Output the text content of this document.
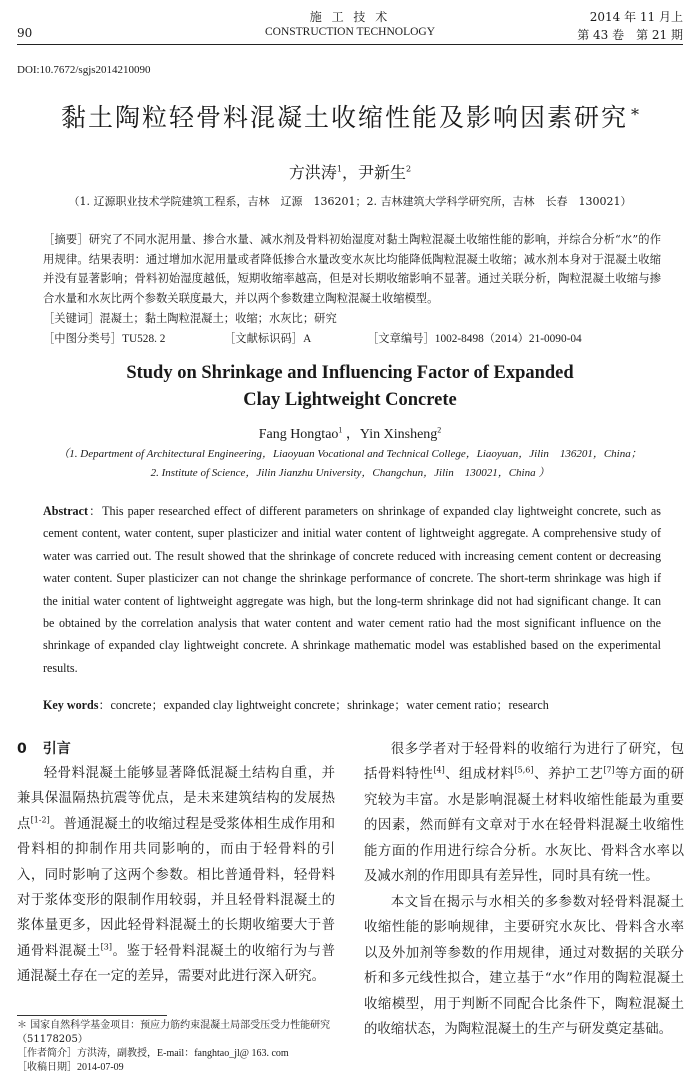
90
施 工 技 术
CONSTRUCTION TECHNOLOGY
2014 年 11 月上
第 43 卷　第 21 期
DOI:10.7672/sgjs2014210090
黏土陶粒轻骨料混凝土收缩性能及影响因素研究 *
方洪涛$^1$，尹新生$^2$
（1. 辽源职业技术学院建筑工程系，吉林　辽源　136201；2. 吉林建筑大学科学研究所，吉林　长春　130021）
［摘要］研究了不同水泥用量、掺合水量、减水剂及骨料初始湿度对黏土陶粒混凝土收缩性能的影响，并综合分析“水”的作用规律。结果表明：通过增加水泥用量或者降低掺合水量改变水灰比均能降低陶粒混凝土收缩；减水剂本身对于混凝土收缩并没有显著影响；骨料初始湿度越低，短期收缩率越高，但是对长期收缩影响不显著。通过关联分析，陶粒混凝土收缩与掺合水量和水灰比两个参数关联度最大，并以两个参数建立陶粒混凝土收缩模型。
［关键词］混凝土；黏土陶粒混凝土；收缩；水灰比；研究
［中图分类号］TU528. 2	［文献标识码］A	［文章编号］1002-8498（2014）21-0090-04
Study on Shrinkage and Influencing Factor of Expanded
Clay Lightweight Concrete
Fang Hongtao$^1$ ，Yin Xinsheng$^2$
（1. Department of Architectural Engineering，Liaoyuan Vocational and Technical College，Liaoyuan，Jilin　136201，China；
2. Institute of Science，Jilin Jianzhu University，Changchun，Jilin　130021，China ）
Abstract：This paper researched effect of different parameters on shrinkage of expanded clay lightweight concrete, such as cement content, water content, super plasticizer and initial water content of lightweight aggregate. A comprehensive study of water was carried out. The result showed that the shrinkage of concrete reduced with increasing cement content or decreasing water content. Super plasticizer can not change the shrinkage performance of concrete. The short-term shrinkage was high if the initial water content of lightweight aggregate was high, but the long-term shrinkage did not had significant change. It can be obtained by the correlation analysis that water content and water cement ratio had the most significant influence on the shrinkage of expanded clay lightweight concrete. A shrinkage mathematic model was established based on the experimental results.
Key words：concrete；expanded clay lightweight concrete；shrinkage；water cement ratio；research
0 引言
轻骨料混凝土能够显著降低混凝土结构自重，并兼具保温隔热抗震等优点，是未来建筑结构的发展热点[1-2]。普通混凝土的收缩过程是受浆体相生成作用和骨料相的抑制作用共同影响的，而由于轻骨料的引入，同时影响了这两个参数。相比普通骨料，轻骨料对于浆体变形的限制作用较弱，并且轻骨料混凝土的浆体量更多，因此轻骨料混凝土的长期收缩要大于普通骨料混凝土[3]。鉴于轻骨料混凝土的收缩行为与普通混凝土存在一定的差异，需要对此进行深入研究。
＊ 国家自然科学基金项目：预应力筋约束混凝土局部受压受力性能研究（51178205）
［作者简介］方洪涛，副教授，E-mail：fanghtao_jl@ 163. com
［收稿日期］2014-07-09
很多学者对于轻骨料的收缩行为进行了研究，包括骨料特性[4]、组成材料[5,6]、养护工艺[7]等方面的研究较为丰富。水是影响混凝土材料收缩性能最为重要的因素，然而鲜有文章对于水在轻骨料混凝土收缩性能方面的作用进行综合分析。水灰比、骨料含水率以及减水剂的作用即具有差异性，同时具有统一性。
本文旨在揭示与水相关的多参数对轻骨料混凝土收缩性能的影响规律，主要研究水灰比、骨料含水率以及外加剂等参数的作用规律，通过对数据的关联分析和多元线性拟合，建立基于“水”作用的陶粒混凝土收缩模型，用于判断不同配合比条件下，陶粒混凝土的收缩状态，为陶粒混凝土的生产与研发奠定基础。
